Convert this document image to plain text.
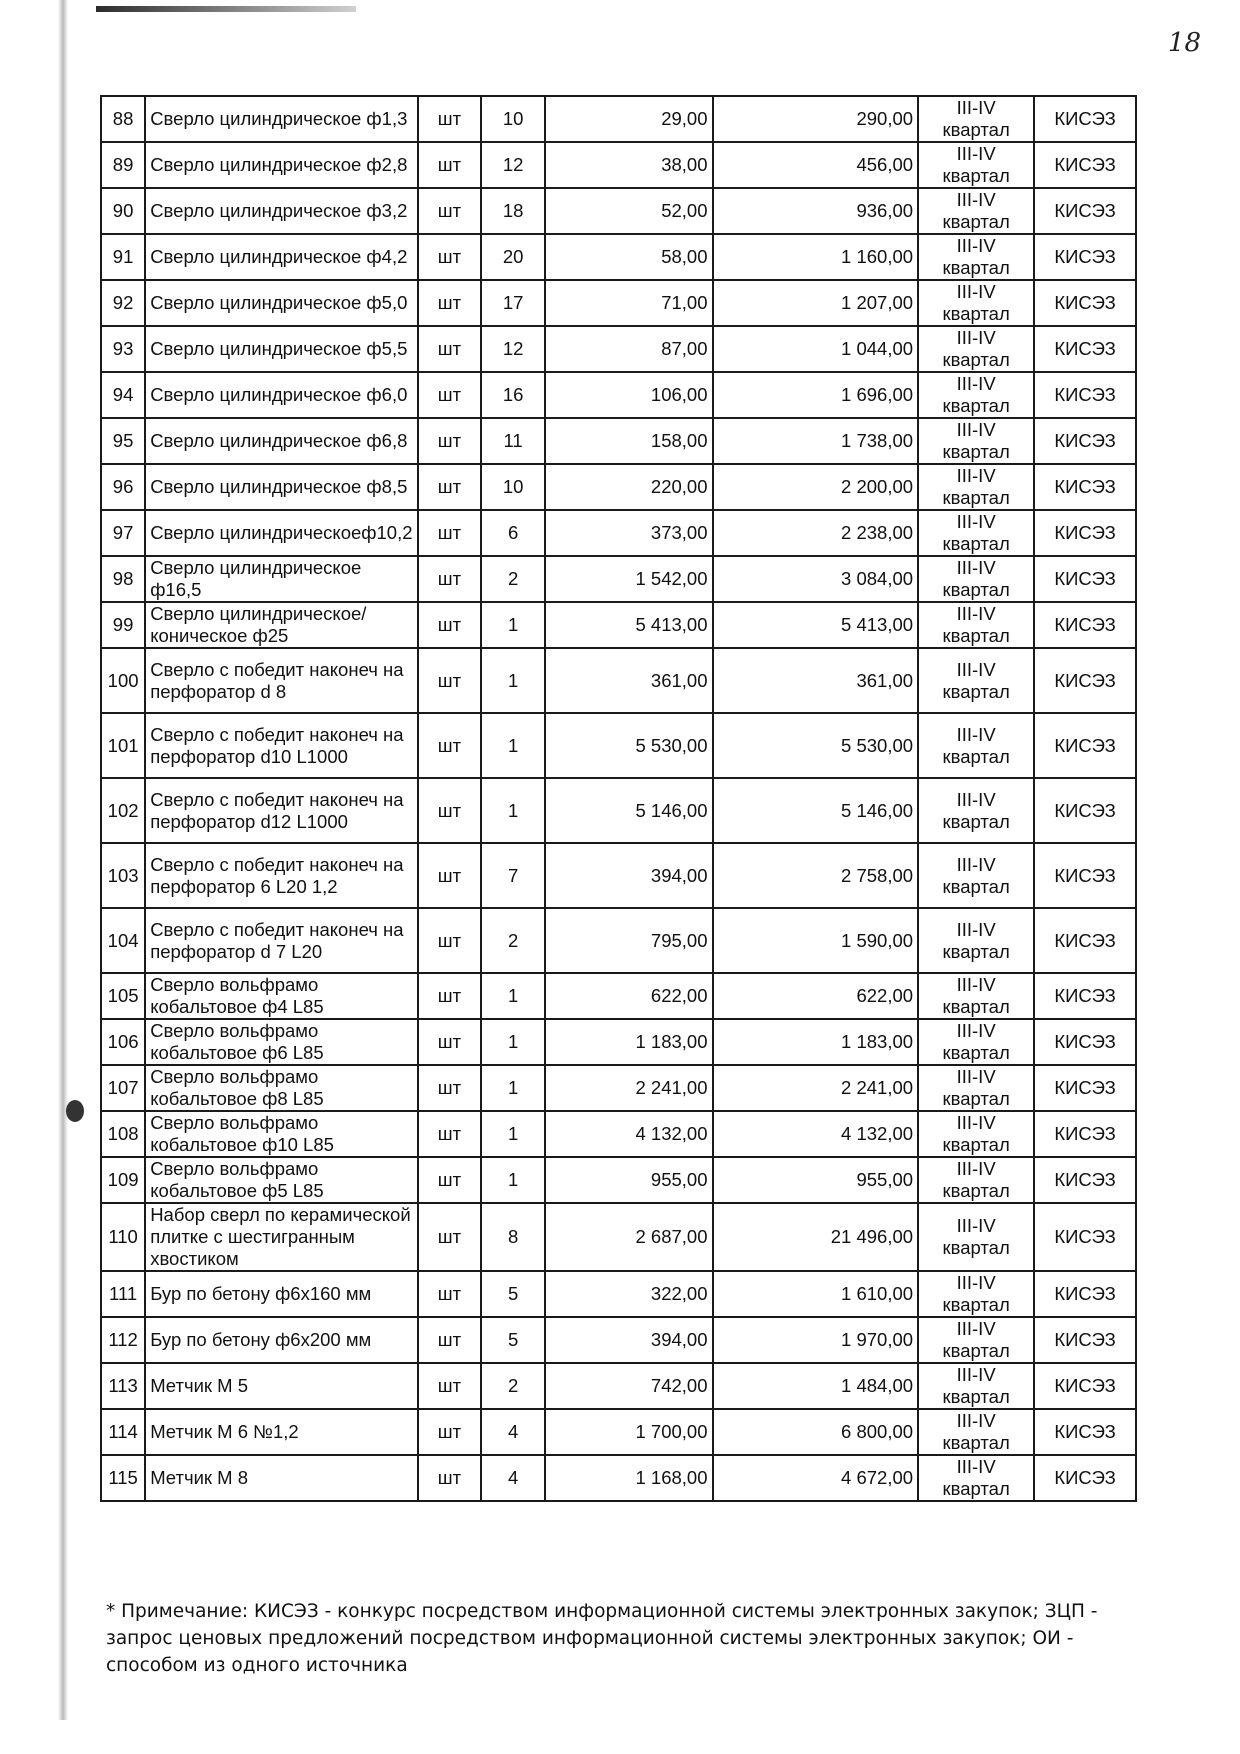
18
88	Сверло цилиндрическое ф1,3	шт	10	29,00	290,00	III-IV квартал	КИСЭЗ
89	Сверло цилиндрическое ф2,8	шт	12	38,00	456,00	III-IV квартал	КИСЭЗ
90	Сверло цилиндрическое ф3,2	шт	18	52,00	936,00	III-IV квартал	КИСЭЗ
91	Сверло цилиндрическое ф4,2	шт	20	58,00	1 160,00	III-IV квартал	КИСЭЗ
92	Сверло цилиндрическое ф5,0	шт	17	71,00	1 207,00	III-IV квартал	КИСЭЗ
93	Сверло цилиндрическое ф5,5	шт	12	87,00	1 044,00	III-IV квартал	КИСЭЗ
94	Сверло цилиндрическое ф6,0	шт	16	106,00	1 696,00	III-IV квартал	КИСЭЗ
95	Сверло цилиндрическое ф6,8	шт	11	158,00	1 738,00	III-IV квартал	КИСЭЗ
96	Сверло цилиндрическое ф8,5	шт	10	220,00	2 200,00	III-IV квартал	КИСЭЗ
97	Сверло цилиндрическоеф10,2	шт	6	373,00	2 238,00	III-IV квартал	КИСЭЗ
98	Сверло цилиндрическое ф16,5	шт	2	1 542,00	3 084,00	III-IV квартал	КИСЭЗ
99	Сверло цилиндрическое/ коническое ф25	шт	1	5 413,00	5 413,00	III-IV квартал	КИСЭЗ
100	Сверло с победит наконеч на перфоратор d 8	шт	1	361,00	361,00	III-IV квартал	КИСЭЗ
101	Сверло с победит наконеч на перфоратор d10 L1000	шт	1	5 530,00	5 530,00	III-IV квартал	КИСЭЗ
102	Сверло с победит наконеч на перфоратор d12 L1000	шт	1	5 146,00	5 146,00	III-IV квартал	КИСЭЗ
103	Сверло с победит наконеч на перфоратор 6 L20 1,2	шт	7	394,00	2 758,00	III-IV квартал	КИСЭЗ
104	Сверло с победит наконеч на перфоратор d 7 L20	шт	2	795,00	1 590,00	III-IV квартал	КИСЭЗ
105	Сверло вольфрамо кобальтовое ф4 L85	шт	1	622,00	622,00	III-IV квартал	КИСЭЗ
106	Сверло вольфрамо кобальтовое ф6 L85	шт	1	1 183,00	1 183,00	III-IV квартал	КИСЭЗ
107	Сверло вольфрамо кобальтовое ф8 L85	шт	1	2 241,00	2 241,00	III-IV квартал	КИСЭЗ
108	Сверло вольфрамо кобальтовое ф10 L85	шт	1	4 132,00	4 132,00	III-IV квартал	КИСЭЗ
109	Сверло вольфрамо кобальтовое ф5 L85	шт	1	955,00	955,00	III-IV квартал	КИСЭЗ
110	Набор сверл по керамической плитке с шестигранным хвостиком	шт	8	2 687,00	21 496,00	III-IV квартал	КИСЭЗ
111	Бур по бетону ф6х160 мм	шт	5	322,00	1 610,00	III-IV квартал	КИСЭЗ
112	Бур по бетону ф6х200 мм	шт	5	394,00	1 970,00	III-IV квартал	КИСЭЗ
113	Метчик М 5	шт	2	742,00	1 484,00	III-IV квартал	КИСЭЗ
114	Метчик М 6 №1,2	шт	4	1 700,00	6 800,00	III-IV квартал	КИСЭЗ
115	Метчик М 8	шт	4	1 168,00	4 672,00	III-IV квартал	КИСЭЗ
* Примечание: КИСЭЗ - конкурс посредством информационной системы электронных закупок; ЗЦП - запрос ценовых предложений посредством информационной системы электронных закупок; ОИ - способом из одного источника
